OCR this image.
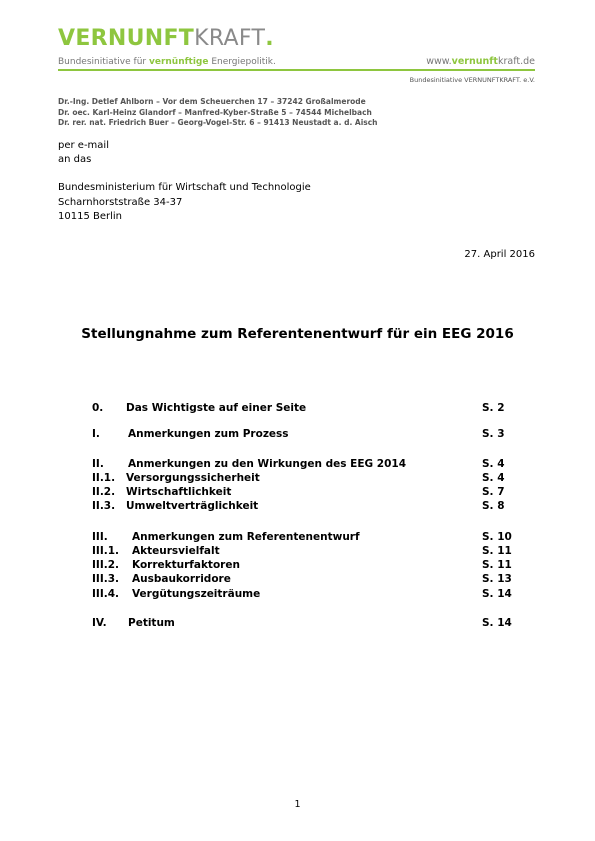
VERNUNFTKRAFT.
Bundesinitiative für vernünftige Energiepolitik.	www.vernunftkraft.de
Bundesinitiative VERNUNFTKRAFT. e.V.
Dr.-Ing. Detlef Ahlborn – Vor dem Scheuerchen 17 – 37242 Großalmerode
Dr. oec. Karl-Heinz Glandorf – Manfred-Kyber-Straße 5 – 74544 Michelbach
Dr. rer. nat. Friedrich Buer – Georg-Vogel-Str. 6 – 91413 Neustadt a. d. Aisch
per e-mail
an das
Bundesministerium für Wirtschaft und Technologie
Scharnhorststraße 34-37
10115 Berlin
27. April 2016
Stellungnahme zum Referentenentwurf für ein EEG 2016
0. Das Wichtigste auf einer Seite	S. 2
I.	Anmerkungen zum Prozess	S. 3
II. Anmerkungen zu den Wirkungen des EEG 2014	S. 4
II.1. Versorgungssicherheit	S. 4
II.2. Wirtschaftlichkeit	S. 7
II.3. Umweltverträglichkeit	S. 8
III. Anmerkungen zum Referentenentwurf	S. 10
III.1. Akteursvielfalt	S. 11
III.2. Korrekturfaktoren	S. 11
III.3. Ausbaukorridore	S. 13
III.4. Vergütungszeiträume	S. 14
IV. Petitum	S. 14
1
